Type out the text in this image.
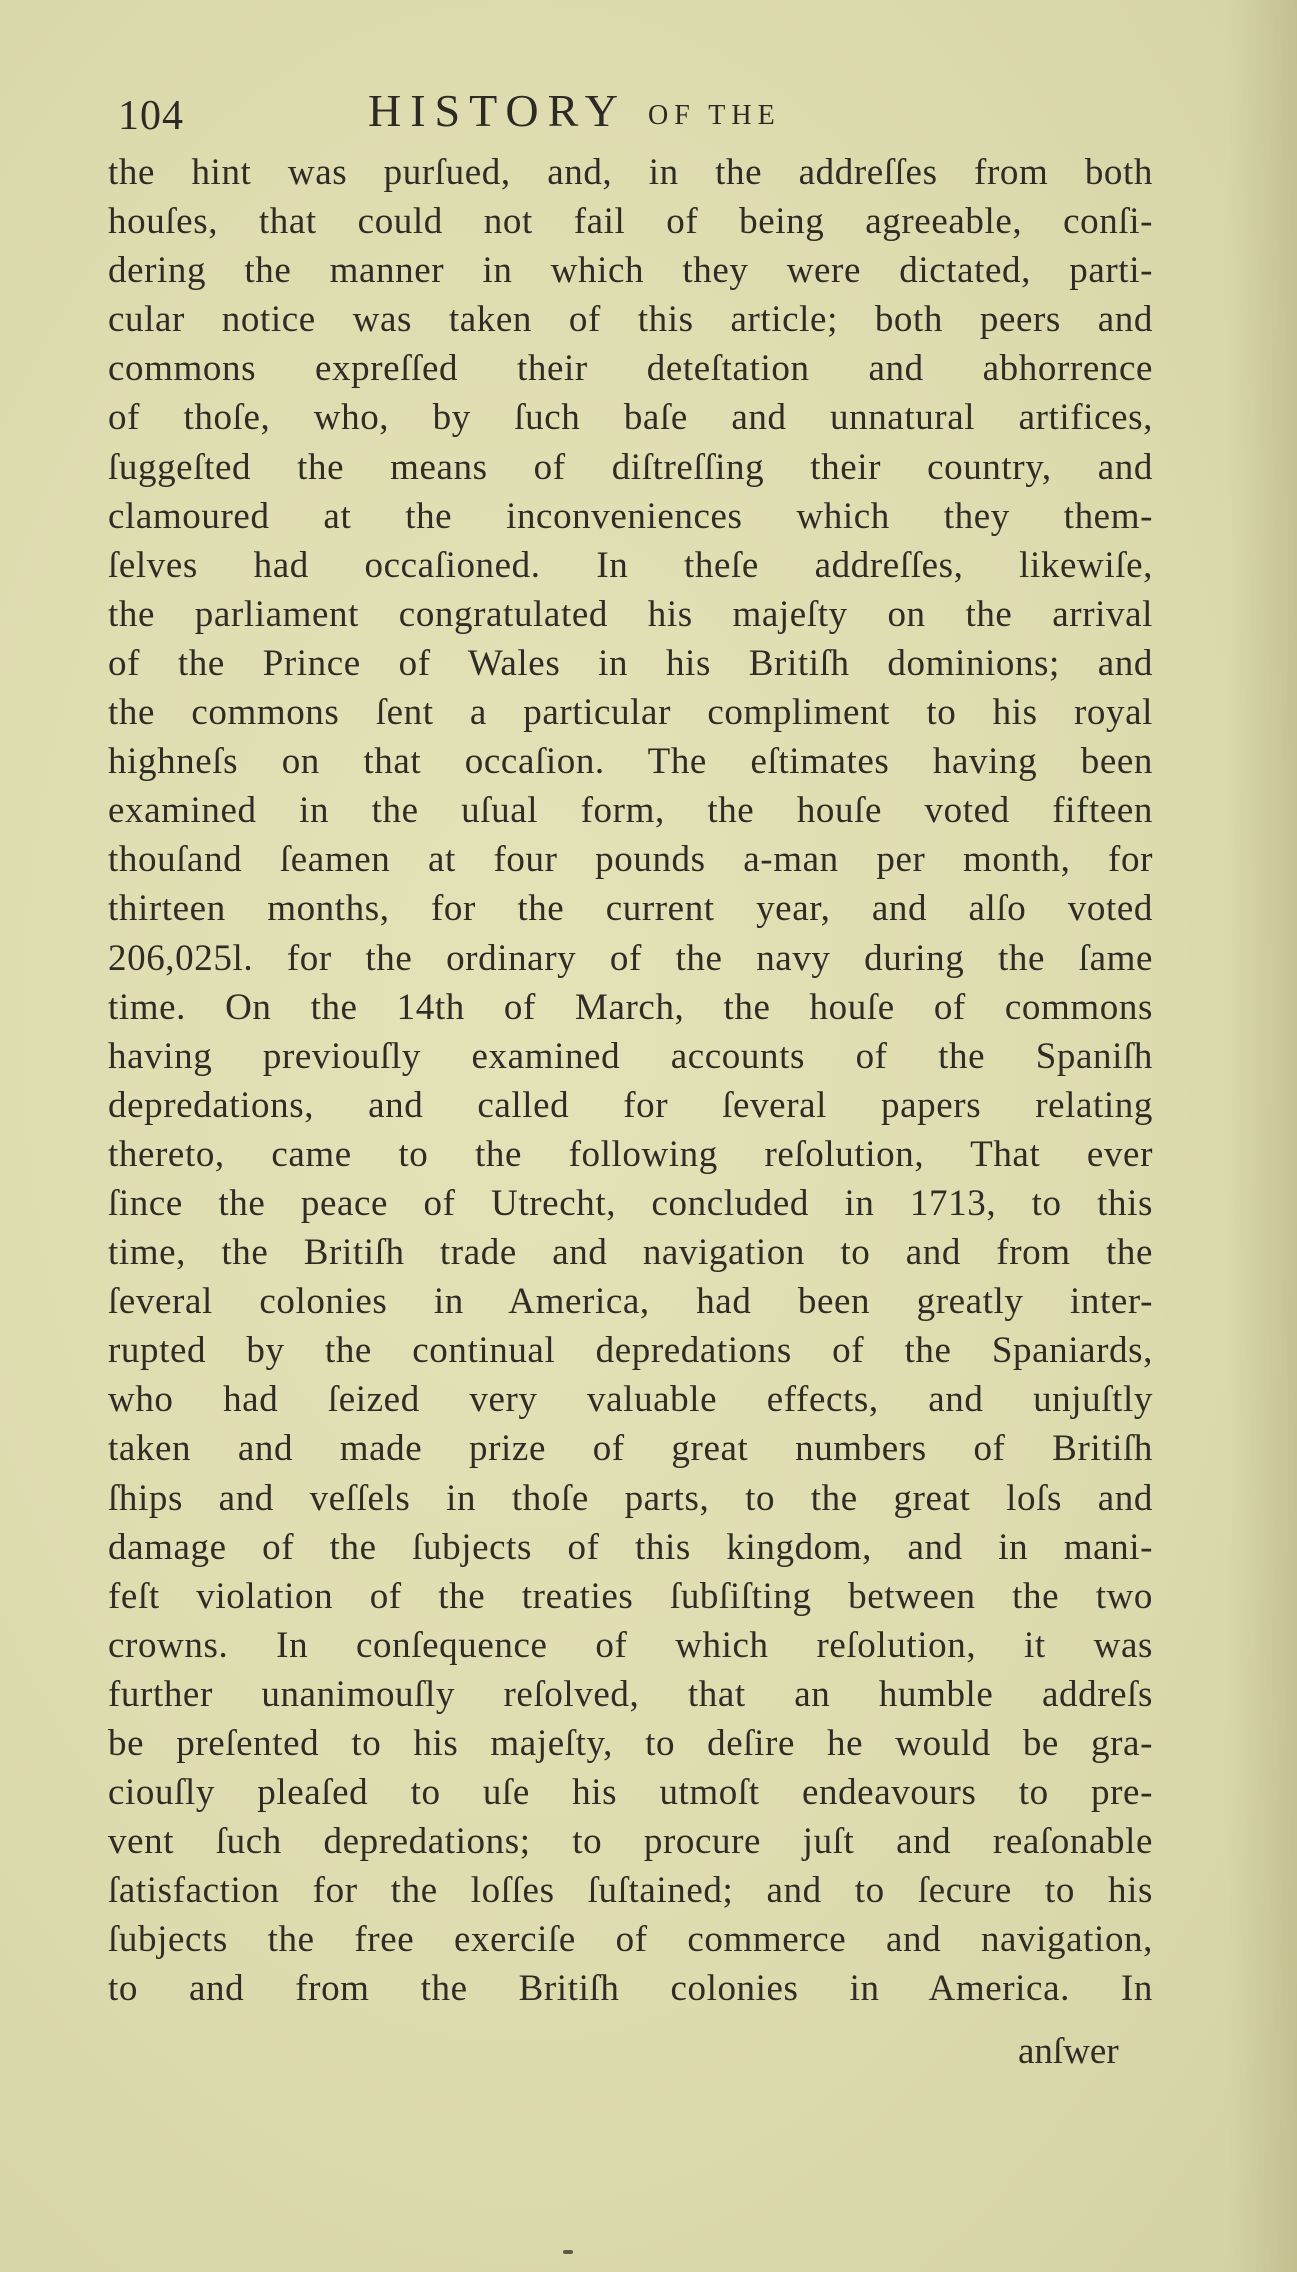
104	HISTORY OF THE
the hint was purſued, and, in the addreſſes from both
houſes, that could not fail of being agreeable, conſi-
dering the manner in which they were dictated, parti-
cular notice was taken of this article; both peers and
commons expreſſed their deteſtation and abhorrence
of thoſe, who, by ſuch baſe and unnatural artifices,
ſuggeſted the means of diſtreſſing their country, and
clamoured at the inconveniences which they them-
ſelves had occaſioned. In theſe addreſſes, likewiſe,
the parliament congratulated his majeſty on the arrival
of the Prince of Wales in his Britiſh dominions; and
the commons ſent a particular compliment to his royal
highneſs on that occaſion. The eſtimates having been
examined in the uſual form, the houſe voted fifteen
thouſand ſeamen at four pounds a-man per month, for
thirteen months, for the current year, and alſo voted
206,025l. for the ordinary of the navy during the ſame
time. On the 14th of March, the houſe of commons
having previouſly examined accounts of the Spaniſh
depredations, and called for ſeveral papers relating
thereto, came to the following reſolution, That ever
ſince the peace of Utrecht, concluded in 1713, to this
time, the Britiſh trade and navigation to and from the
ſeveral colonies in America, had been greatly inter-
rupted by the continual depredations of the Spaniards,
who had ſeized very valuable effects, and unjuſtly
taken and made prize of great numbers of Britiſh
ſhips and veſſels in thoſe parts, to the great loſs and
damage of the ſubjects of this kingdom, and in mani-
feſt violation of the treaties ſubſiſting between the two
crowns. In conſequence of which reſolution, it was
further unanimouſly reſolved, that an humble addreſs
be preſented to his majeſty, to deſire he would be gra-
ciouſly pleaſed to uſe his utmoſt endeavours to pre-
vent ſuch depredations; to procure juſt and reaſonable
ſatisfaction for the loſſes ſuſtained; and to ſecure to his
ſubjects the free exerciſe of commerce and navigation,
to and from the Britiſh colonies in America. In
anſwer
